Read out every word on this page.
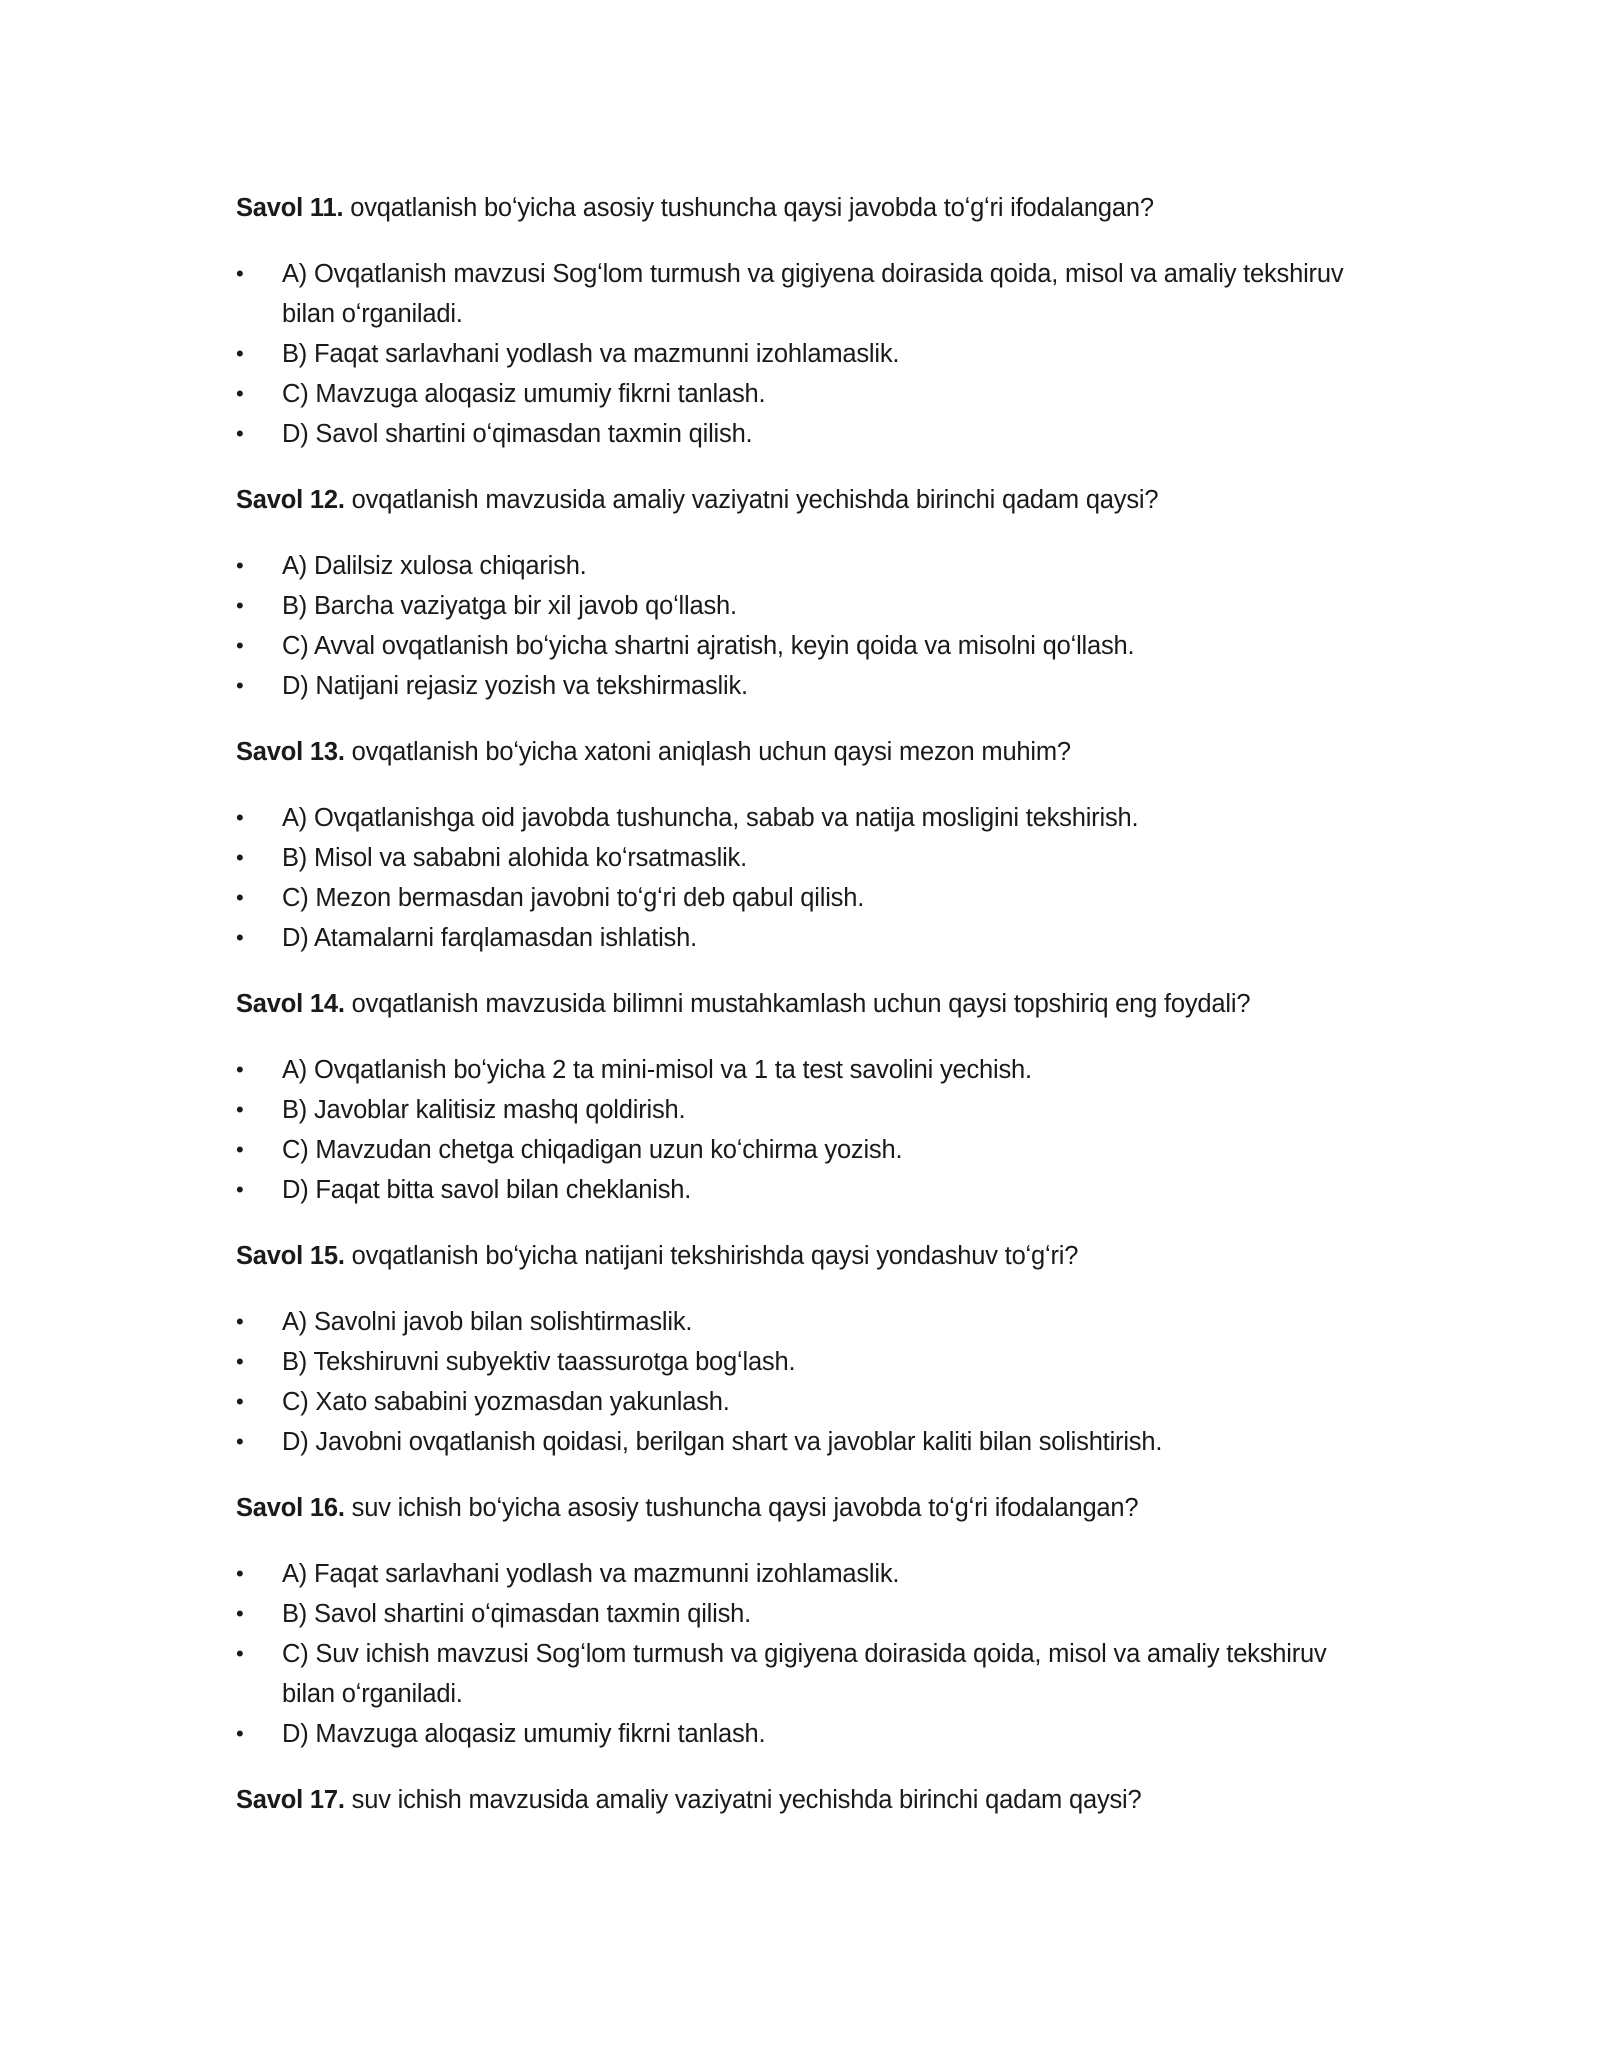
Savol 11. ovqatlanish boʻyicha asosiy tushuncha qaysi javobda toʻgʻri ifodalangan?

•	A) Ovqatlanish mavzusi Sogʻlom turmush va gigiyena doirasida qoida, misol va amaliy tekshiruv bilan oʻrganiladi.
•	B) Faqat sarlavhani yodlash va mazmunni izohlamaslik.
•	C) Mavzuga aloqasiz umumiy fikrni tanlash.
•	D) Savol shartini oʻqimasdan taxmin qilish.

Savol 12. ovqatlanish mavzusida amaliy vaziyatni yechishda birinchi qadam qaysi?

•	A) Dalilsiz xulosa chiqarish.
•	B) Barcha vaziyatga bir xil javob qoʻllash.
•	C) Avval ovqatlanish boʻyicha shartni ajratish, keyin qoida va misolni qoʻllash.
•	D) Natijani rejasiz yozish va tekshirmaslik.

Savol 13. ovqatlanish boʻyicha xatoni aniqlash uchun qaysi mezon muhim?

•	A) Ovqatlanishga oid javobda tushuncha, sabab va natija mosligini tekshirish.
•	B) Misol va sababni alohida koʻrsatmaslik.
•	C) Mezon bermasdan javobni toʻgʻri deb qabul qilish.
•	D) Atamalarni farqlamasdan ishlatish.

Savol 14. ovqatlanish mavzusida bilimni mustahkamlash uchun qaysi topshiriq eng foydali?

•	A) Ovqatlanish boʻyicha 2 ta mini-misol va 1 ta test savolini yechish.
•	B) Javoblar kalitisiz mashq qoldirish.
•	C) Mavzudan chetga chiqadigan uzun koʻchirma yozish.
•	D) Faqat bitta savol bilan cheklanish.

Savol 15. ovqatlanish boʻyicha natijani tekshirishda qaysi yondashuv toʻgʻri?

•	A) Savolni javob bilan solishtirmaslik.
•	B) Tekshiruvni subyektiv taassurotga bogʻlash.
•	C) Xato sababini yozmasdan yakunlash.
•	D) Javobni ovqatlanish qoidasi, berilgan shart va javoblar kaliti bilan solishtirish.

Savol 16. suv ichish boʻyicha asosiy tushuncha qaysi javobda toʻgʻri ifodalangan?

•	A) Faqat sarlavhani yodlash va mazmunni izohlamaslik.
•	B) Savol shartini oʻqimasdan taxmin qilish.
•	C) Suv ichish mavzusi Sogʻlom turmush va gigiyena doirasida qoida, misol va amaliy tekshiruv bilan oʻrganiladi.
•	D) Mavzuga aloqasiz umumiy fikrni tanlash.

Savol 17. suv ichish mavzusida amaliy vaziyatni yechishda birinchi qadam qaysi?
